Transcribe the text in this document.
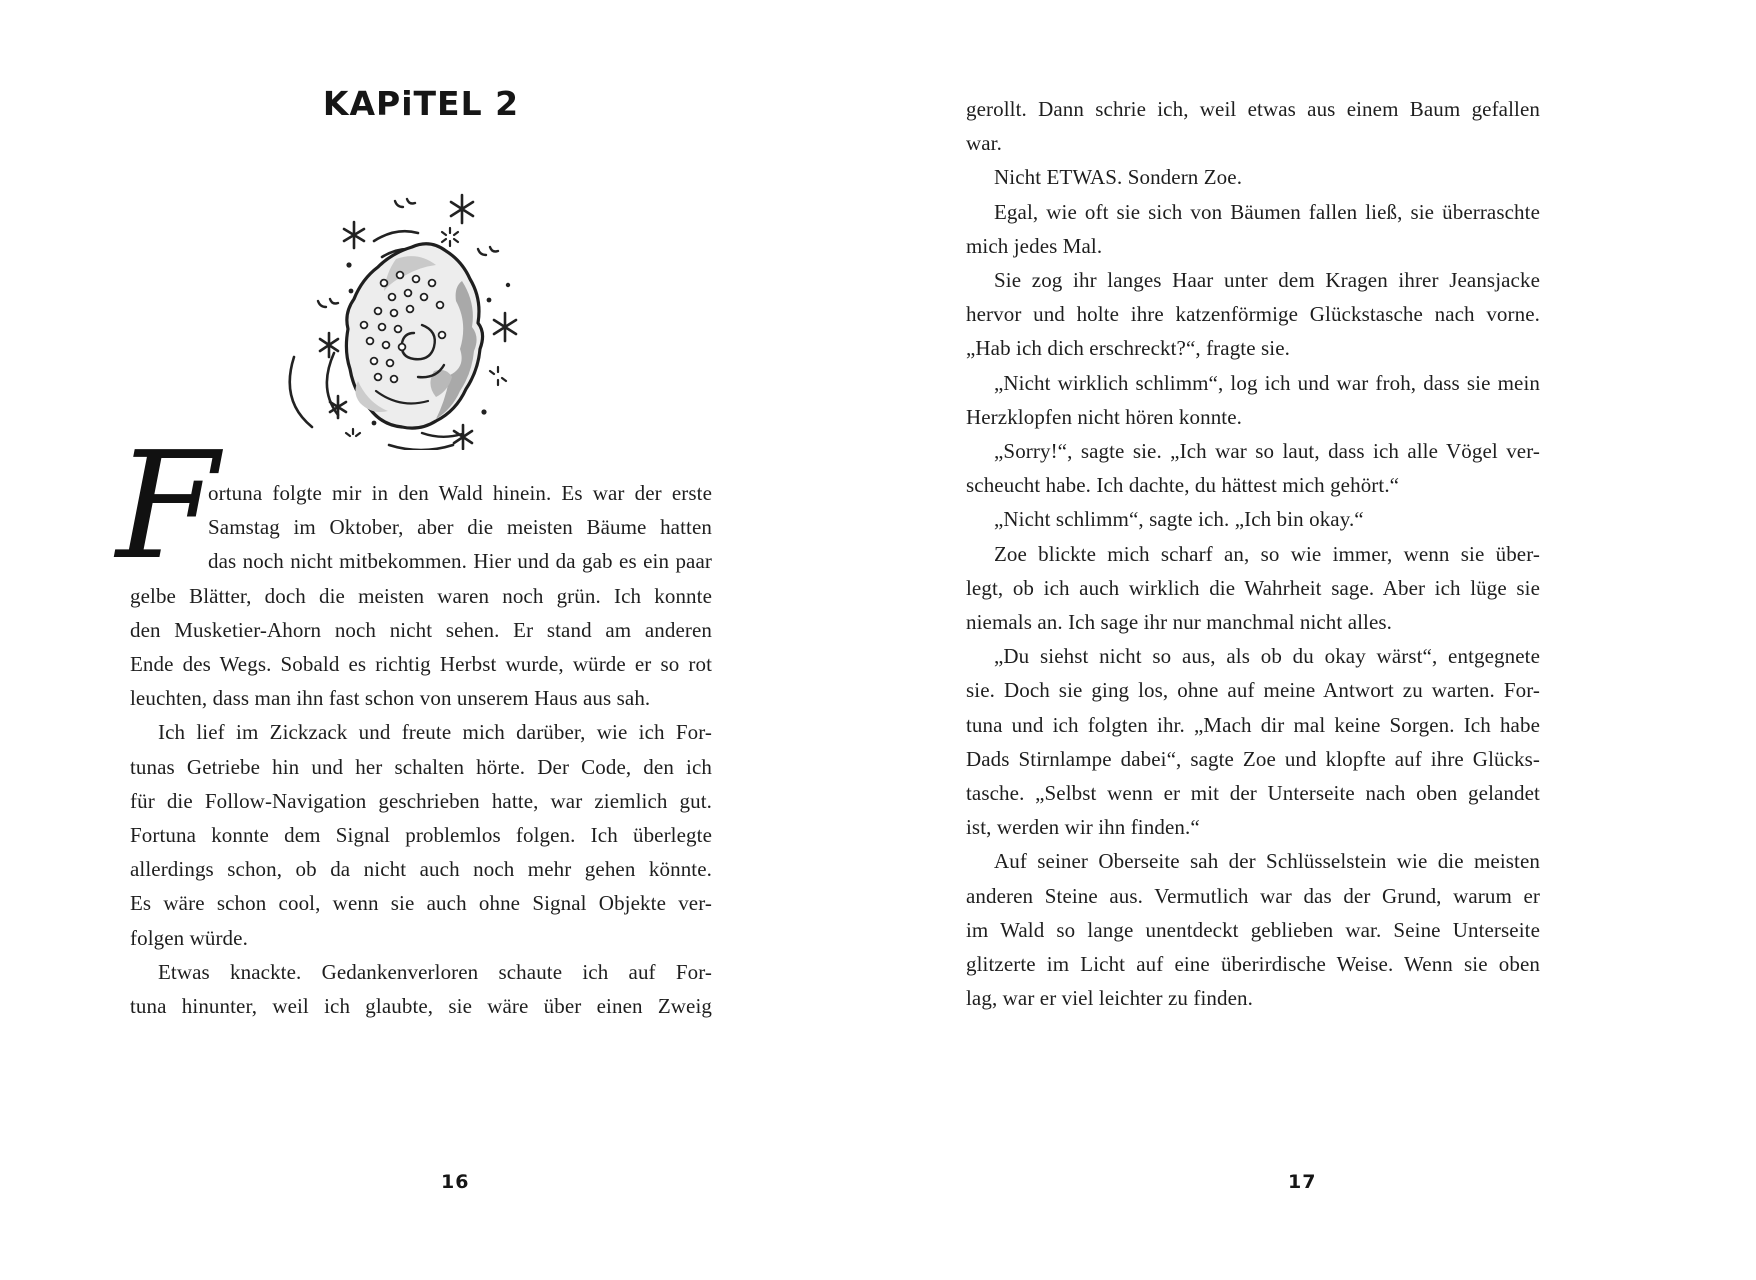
KAPiTEL 2
F
ortuna folgte mir in den Wald hinein. Es war der erste
Samstag im Oktober, aber die meisten Bäume hatten
das noch nicht mitbekommen. Hier und da gab es ein paar
gelbe Blätter, doch die meisten waren noch grün. Ich konnte
den Musketier-Ahorn noch nicht sehen. Er stand am anderen
Ende des Wegs. Sobald es richtig Herbst wurde, würde er so rot
leuchten, dass man ihn fast schon von unserem Haus aus sah.
Ich lief im Zickzack und freute mich darüber, wie ich For-
tunas Getriebe hin und her schalten hörte. Der Code, den ich
für die Follow-Navigation geschrieben hatte, war ziemlich gut.
Fortuna konnte dem Signal problemlos folgen. Ich überlegte
allerdings schon, ob da nicht auch noch mehr gehen könnte.
Es wäre schon cool, wenn sie auch ohne Signal Objekte ver-
folgen würde.
Etwas knackte. Gedankenverloren schaute ich auf For-
tuna hinunter, weil ich glaubte, sie wäre über einen Zweig
gerollt. Dann schrie ich, weil etwas aus einem Baum gefallen
war.
Nicht ETWAS. Sondern Zoe.
Egal, wie oft sie sich von Bäumen fallen ließ, sie überraschte
mich jedes Mal.
Sie zog ihr langes Haar unter dem Kragen ihrer Jeansjacke
hervor und holte ihre katzenförmige Glückstasche nach vorne.
„Hab ich dich erschreckt?“, fragte sie.
„Nicht wirklich schlimm“, log ich und war froh, dass sie mein
Herzklopfen nicht hören konnte.
„Sorry!“, sagte sie. „Ich war so laut, dass ich alle Vögel ver-
scheucht habe. Ich dachte, du hättest mich gehört.“
„Nicht schlimm“, sagte ich. „Ich bin okay.“
Zoe blickte mich scharf an, so wie immer, wenn sie über-
legt, ob ich auch wirklich die Wahrheit sage. Aber ich lüge sie
niemals an. Ich sage ihr nur manchmal nicht alles.
„Du siehst nicht so aus, als ob du okay wärst“, entgegnete
sie. Doch sie ging los, ohne auf meine Antwort zu warten. For-
tuna und ich folgten ihr. „Mach dir mal keine Sorgen. Ich habe
Dads Stirnlampe dabei“, sagte Zoe und klopfte auf ihre Glücks-
tasche. „Selbst wenn er mit der Unterseite nach oben gelandet
ist, werden wir ihn finden.“
Auf seiner Oberseite sah der Schlüsselstein wie die meisten
anderen Steine aus. Vermutlich war das der Grund, warum er
im Wald so lange unentdeckt geblieben war. Seine Unterseite
glitzerte im Licht auf eine überirdische Weise. Wenn sie oben
lag, war er viel leichter zu finden.
16	17
